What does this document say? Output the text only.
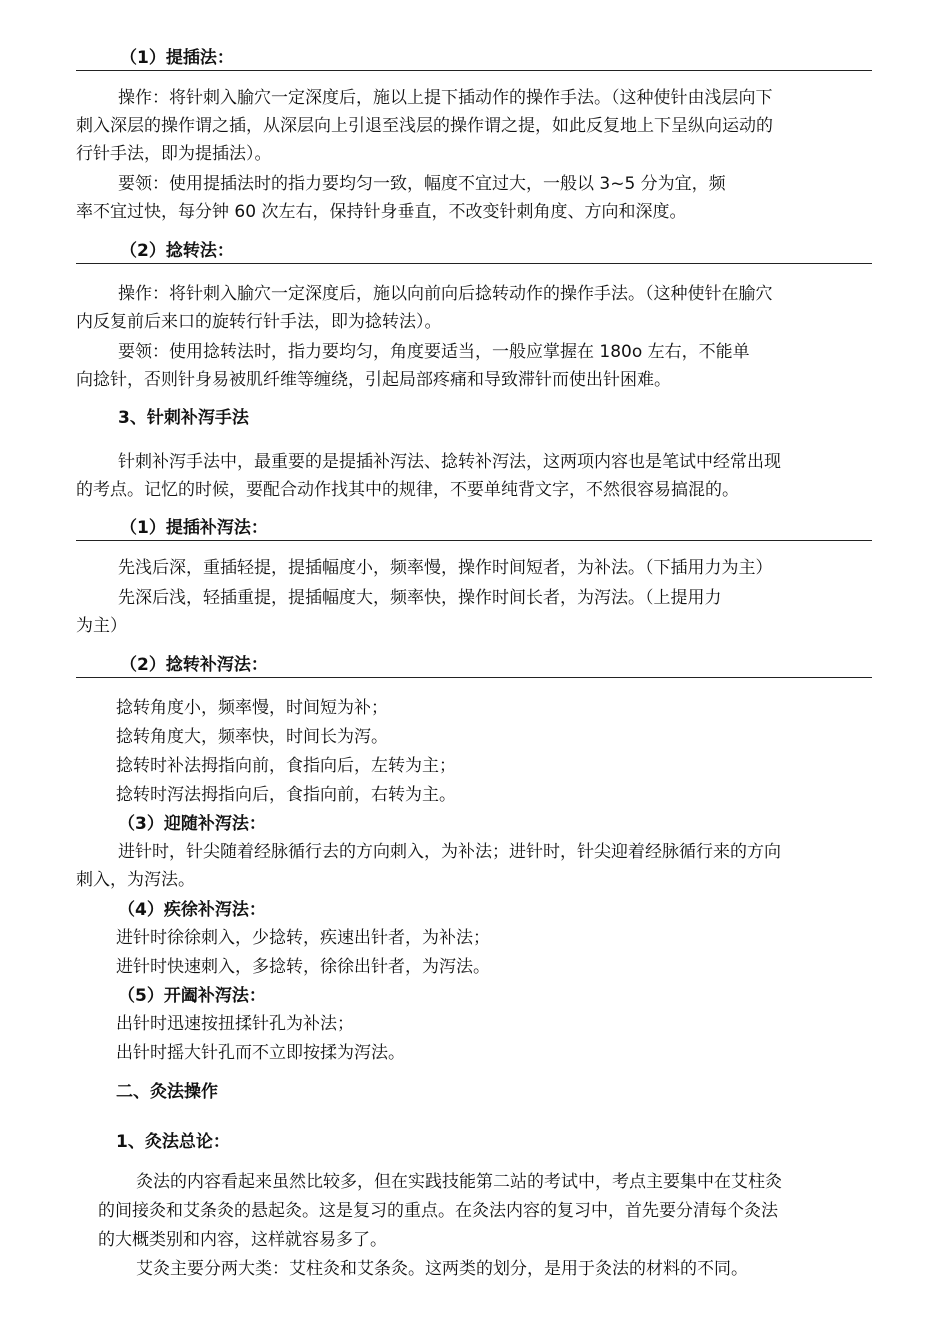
（1）提插法：
操作：将针刺入腧穴一定深度后，施以上提下插动作的操作手法。（这种使针由浅层向下
刺入深层的操作谓之插，从深层向上引退至浅层的操作谓之提，如此反复地上下呈纵向运动的
行针手法，即为提插法）。
要领：使用提插法时的指力要均匀一致，幅度不宜过大，一般以 3~5 分为宜，频
率不宜过快，每分钟 60 次左右，保持针身垂直，不改变针刺角度、方向和深度。
（2）捻转法：
操作：将针刺入腧穴一定深度后，施以向前向后捻转动作的操作手法。（这种使针在腧穴
内反复前后来口的旋转行针手法，即为捻转法）。
要领：使用捻转法时，指力要均匀，角度要适当，一般应掌握在 180o 左右，不能单
向捻针，否则针身易被肌纤维等缠绕，引起局部疼痛和导致滞针而使出针困难。
3、针刺补泻手法
针刺补泻手法中，最重要的是提插补泻法、捻转补泻法，这两项内容也是笔试中经常出现
的考点。记忆的时候，要配合动作找其中的规律，不要单纯背文字，不然很容易搞混的。
（1）提插补泻法：
先浅后深，重插轻提，提插幅度小，频率慢，操作时间短者，为补法。（下插用力为主）
先深后浅，轻插重提，提插幅度大，频率快，操作时间长者，为泻法。（上提用力
为主）
（2）捻转补泻法：
捻转角度小，频率慢，时间短为补；
捻转角度大，频率快，时间长为泻。
捻转时补法拇指向前，食指向后，左转为主；
捻转时泻法拇指向后，食指向前，右转为主。
（3）迎随补泻法：
进针时，针尖随着经脉循行去的方向刺入，为补法；进针时，针尖迎着经脉循行来的方向
刺入，为泻法。
（4）疾徐补泻法：
进针时徐徐刺入，少捻转，疾速出针者，为补法；
进针时快速刺入，多捻转，徐徐出针者，为泻法。
（5）开阖补泻法：
出针时迅速按扭揉针孔为补法；
出针时摇大针孔而不立即按揉为泻法。
二、灸法操作
1、灸法总论：
灸法的内容看起来虽然比较多，但在实践技能第二站的考试中，考点主要集中在艾柱灸
的间接灸和艾条灸的悬起灸。这是复习的重点。在灸法内容的复习中，首先要分清每个灸法
的大概类别和内容，这样就容易多了。
艾灸主要分两大类：艾柱灸和艾条灸。这两类的划分，是用于灸法的材料的不同。
